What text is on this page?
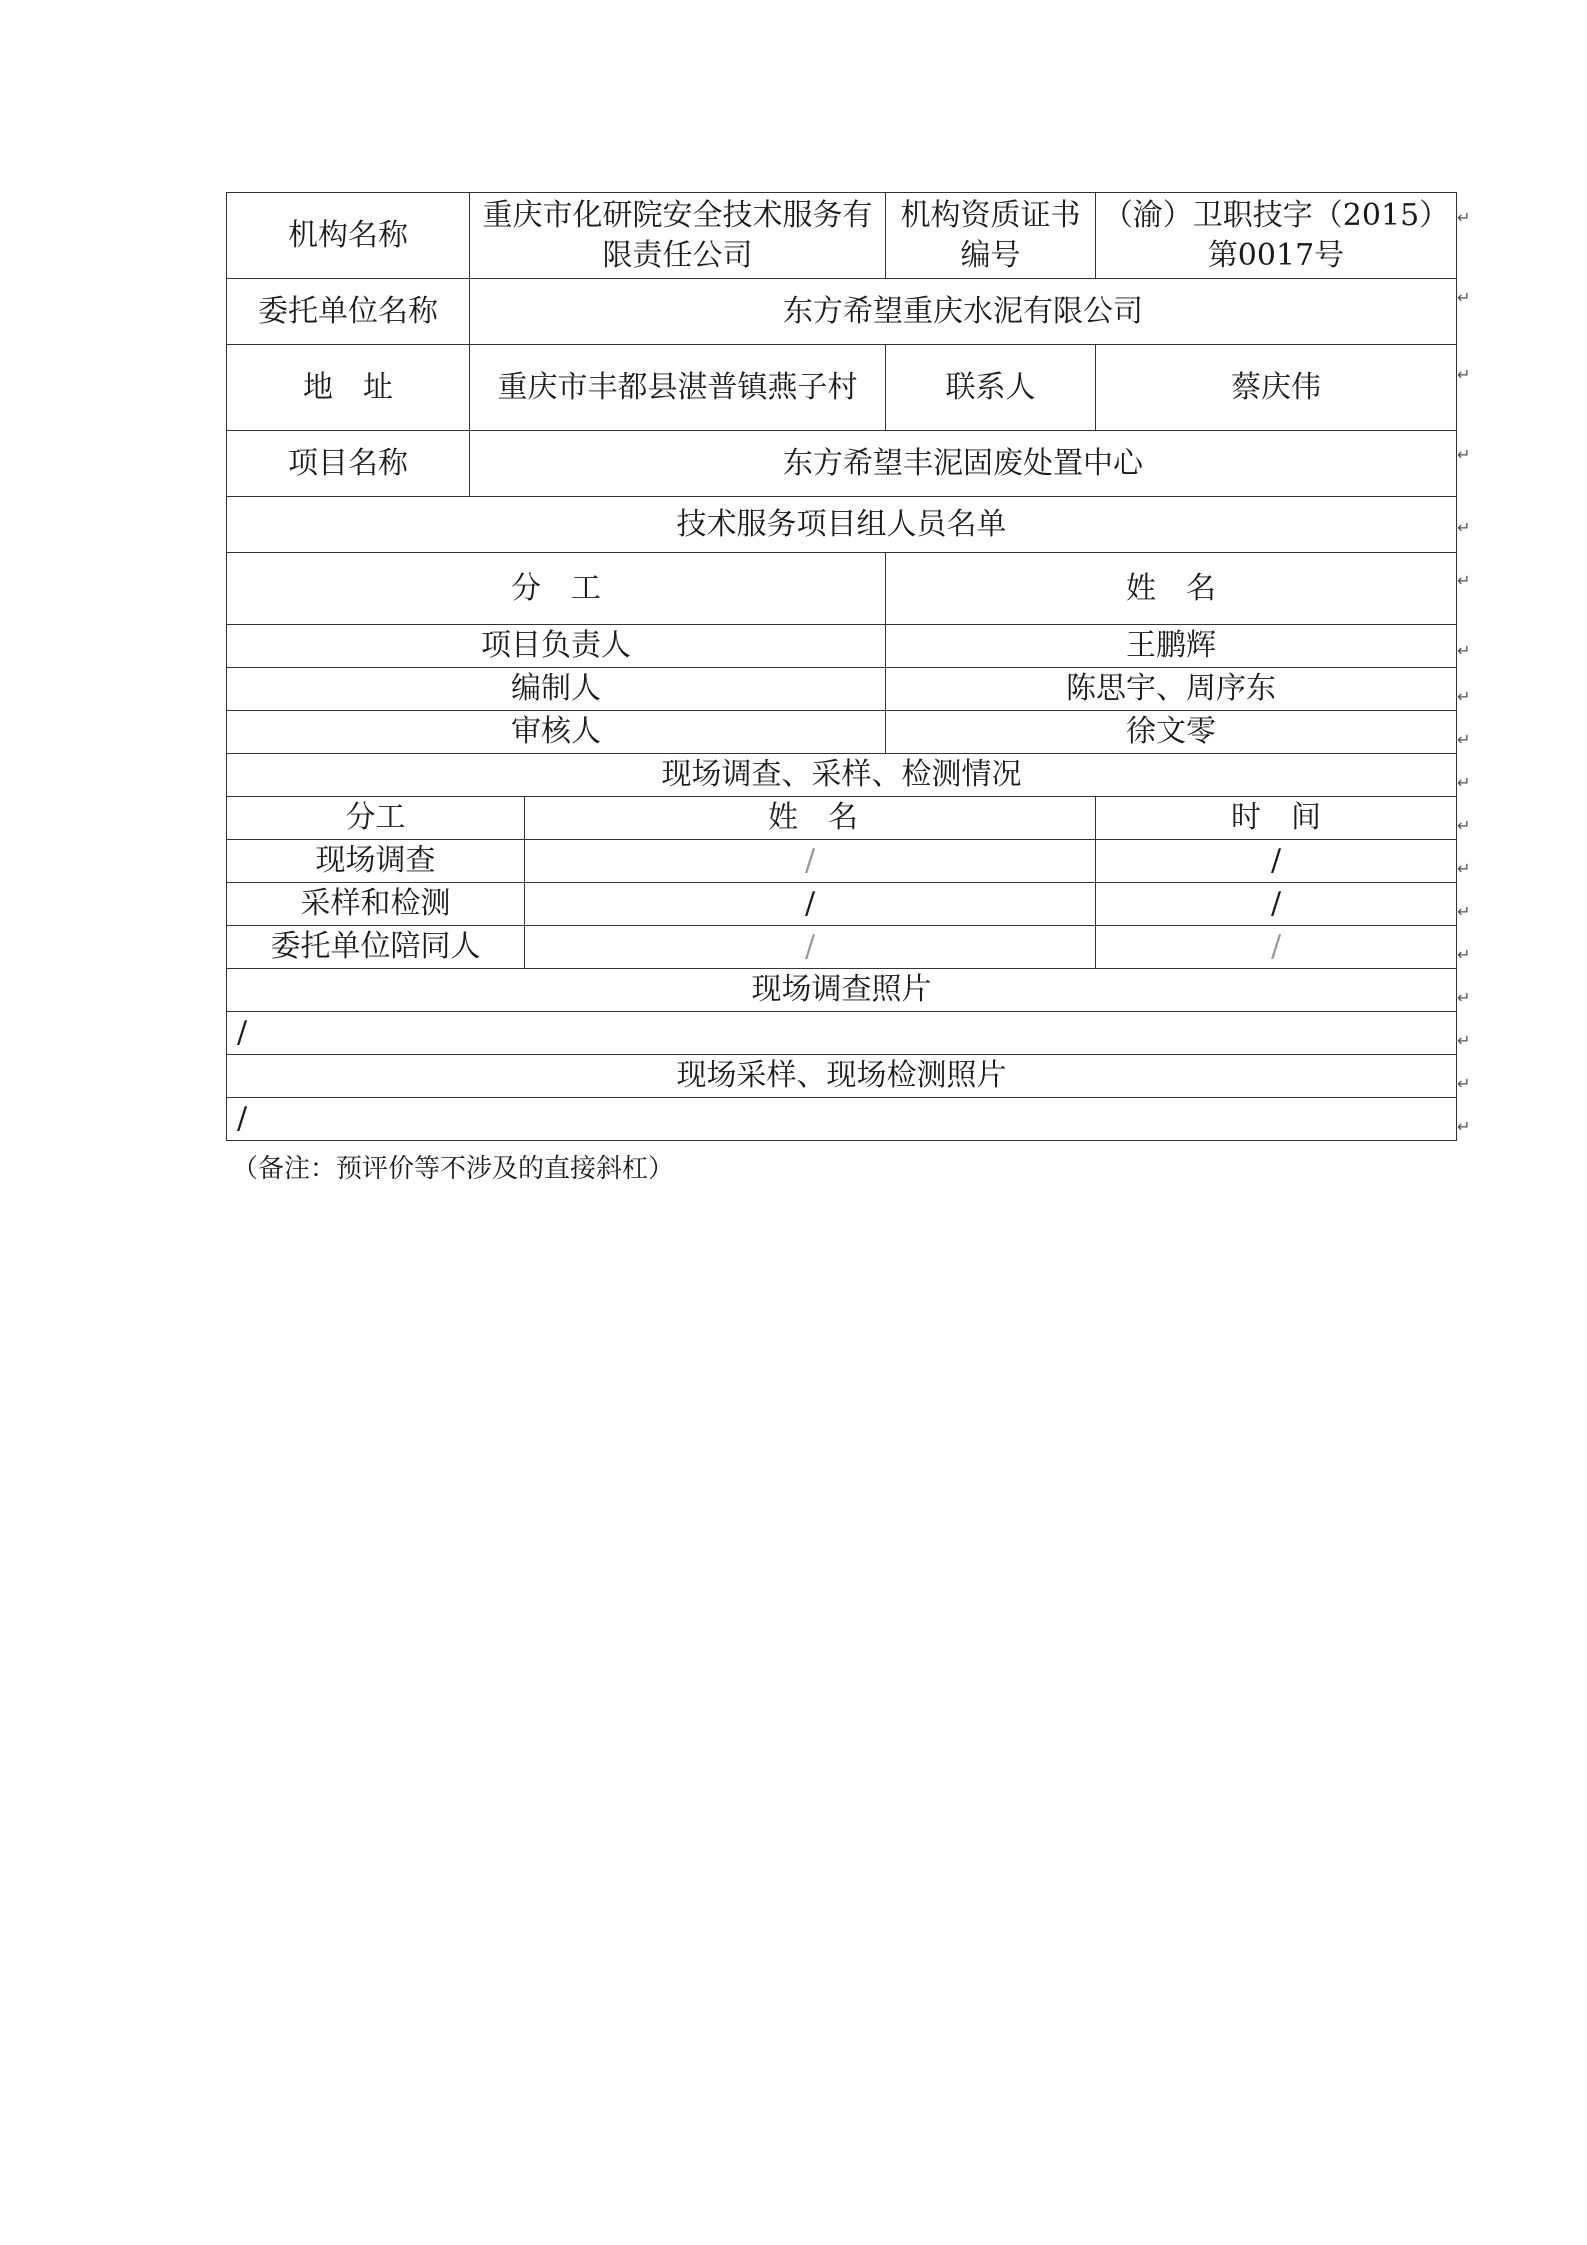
机构名称	重庆市化研院安全技术服务有限责任公司		机构资质证书编号	（渝）卫职技字（2015）第0017号
委托单位名称	东方希望重庆水泥有限公司			
地　址	重庆市丰都县湛普镇燕子村		联系人	蔡庆伟
项目名称	东方希望丰泥固废处置中心			
技术服务项目组人员名单				
分　工			姓　名	
项目负责人			王鹏辉	
编制人			陈思宇、周序东	
审核人			徐文零	
现场调查、采样、检测情况				
分工		姓　名		时　间
现场调查		/		/
采样和检测		/		/
委托单位陪同人		/		/
现场调查照片				
/				
现场采样、现场检测照片				
/				
↵
↵
↵
↵
↵
↵
↵
↵
↵
↵
↵
↵
↵
↵
↵
↵
↵
↵
（备注：预评价等不涉及的直接斜杠）
